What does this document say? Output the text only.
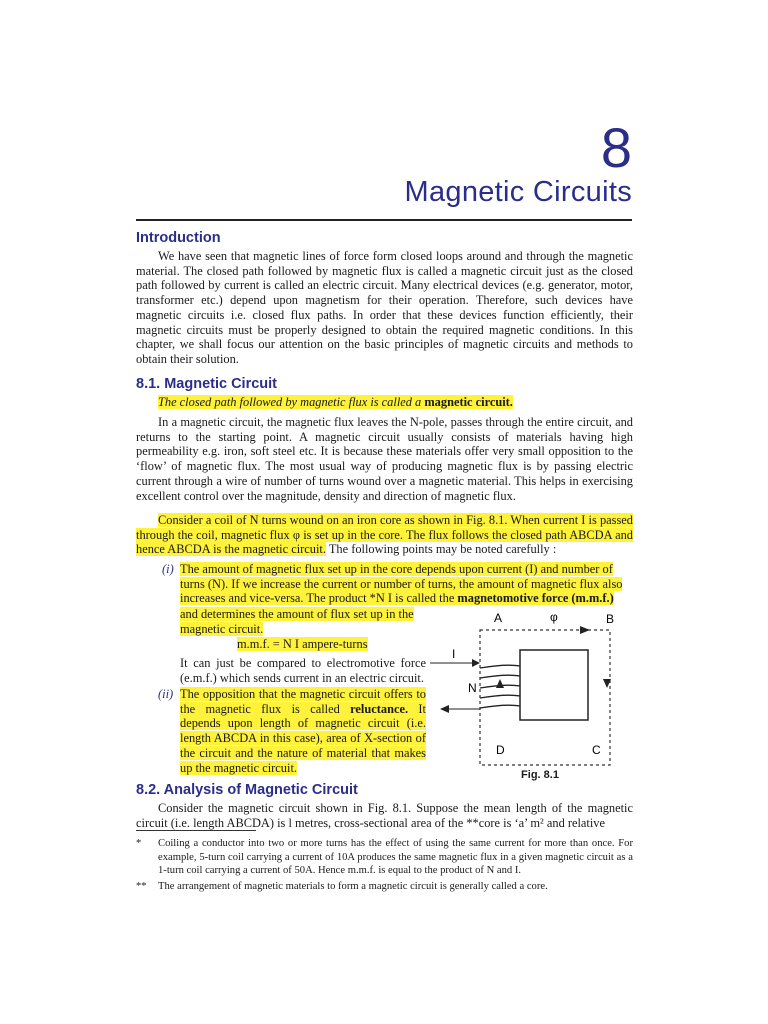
8
Magnetic Circuits
Introduction

We have seen that magnetic lines of force form closed loops around and through the magnetic material. The closed path followed by magnetic flux is called a magnetic circuit just as the closed path followed by current is called an electric circuit. Many electrical devices (e.g. generator, motor, transformer etc.) depend upon magnetism for their operation. Therefore, such devices have magnetic circuits i.e. closed flux paths. In order that these devices function efficiently, their magnetic circuits must be properly designed to obtain the required magnetic conditions. In this chapter, we shall focus our attention on the basic principles of magnetic circuits and methods to obtain their solution.

8.1. Magnetic Circuit
The closed path followed by magnetic flux is called a magnetic circuit.

In a magnetic circuit, the magnetic flux leaves the N-pole, passes through the entire circuit, and returns to the starting point. A magnetic circuit usually consists of materials having high permeability e.g. iron, soft steel etc. It is because these materials offer very small opposition to the ‘flow’ of magnetic flux. The most usual way of producing magnetic flux is by passing electric current through a wire of number of turns wound over a magnetic material. This helps in exercising excellent control over the magnitude, density and direction of magnetic flux.

Consider a coil of N turns wound on an iron core as shown in Fig. 8.1. When current I is passed through the coil, magnetic flux φ is set up in the core. The flux follows the closed path ABCDA and hence ABCDA is the magnetic circuit. The following points may be noted carefully :

(i) The amount of magnetic flux set up in the core depends upon current (I) and number of
turns (N). If we increase the current or number of turns, the amount of magnetic flux also
increases and vice-versa. The product *N I is called the magnetomotive force (m.m.f.)
and determines the amount of flux set up in the
magnetic circuit.
m.m.f. = N I ampere-turns
It can just be compared to electromotive force (e.m.f.) which sends current in an electric circuit.
(ii) The opposition that the magnetic circuit offers to the magnetic flux is called reluctance. It depends upon length of magnetic circuit (i.e. length ABCDA in this case), area of X-section of the circuit and the nature of material that makes up the magnetic circuit.
A	B
C
D
φ
I
N
Fig. 8.1
8.2. Analysis of Magnetic Circuit

Consider the magnetic circuit shown in Fig. 8.1. Suppose the mean length of the magnetic circuit (i.e. length ABCDA) is l metres, cross-sectional area of the **core is ‘a’ m² and relative

*	Coiling a conductor into two or more turns has the effect of using the same current for more than once. For example, 5-turn coil carrying a current of 10A produces the same magnetic flux in a given magnetic circuit as a 1-turn coil carrying a current of 50A. Hence m.m.f. is equal to the product of N and I.
**	The arrangement of magnetic materials to form a magnetic circuit is generally called a core.
